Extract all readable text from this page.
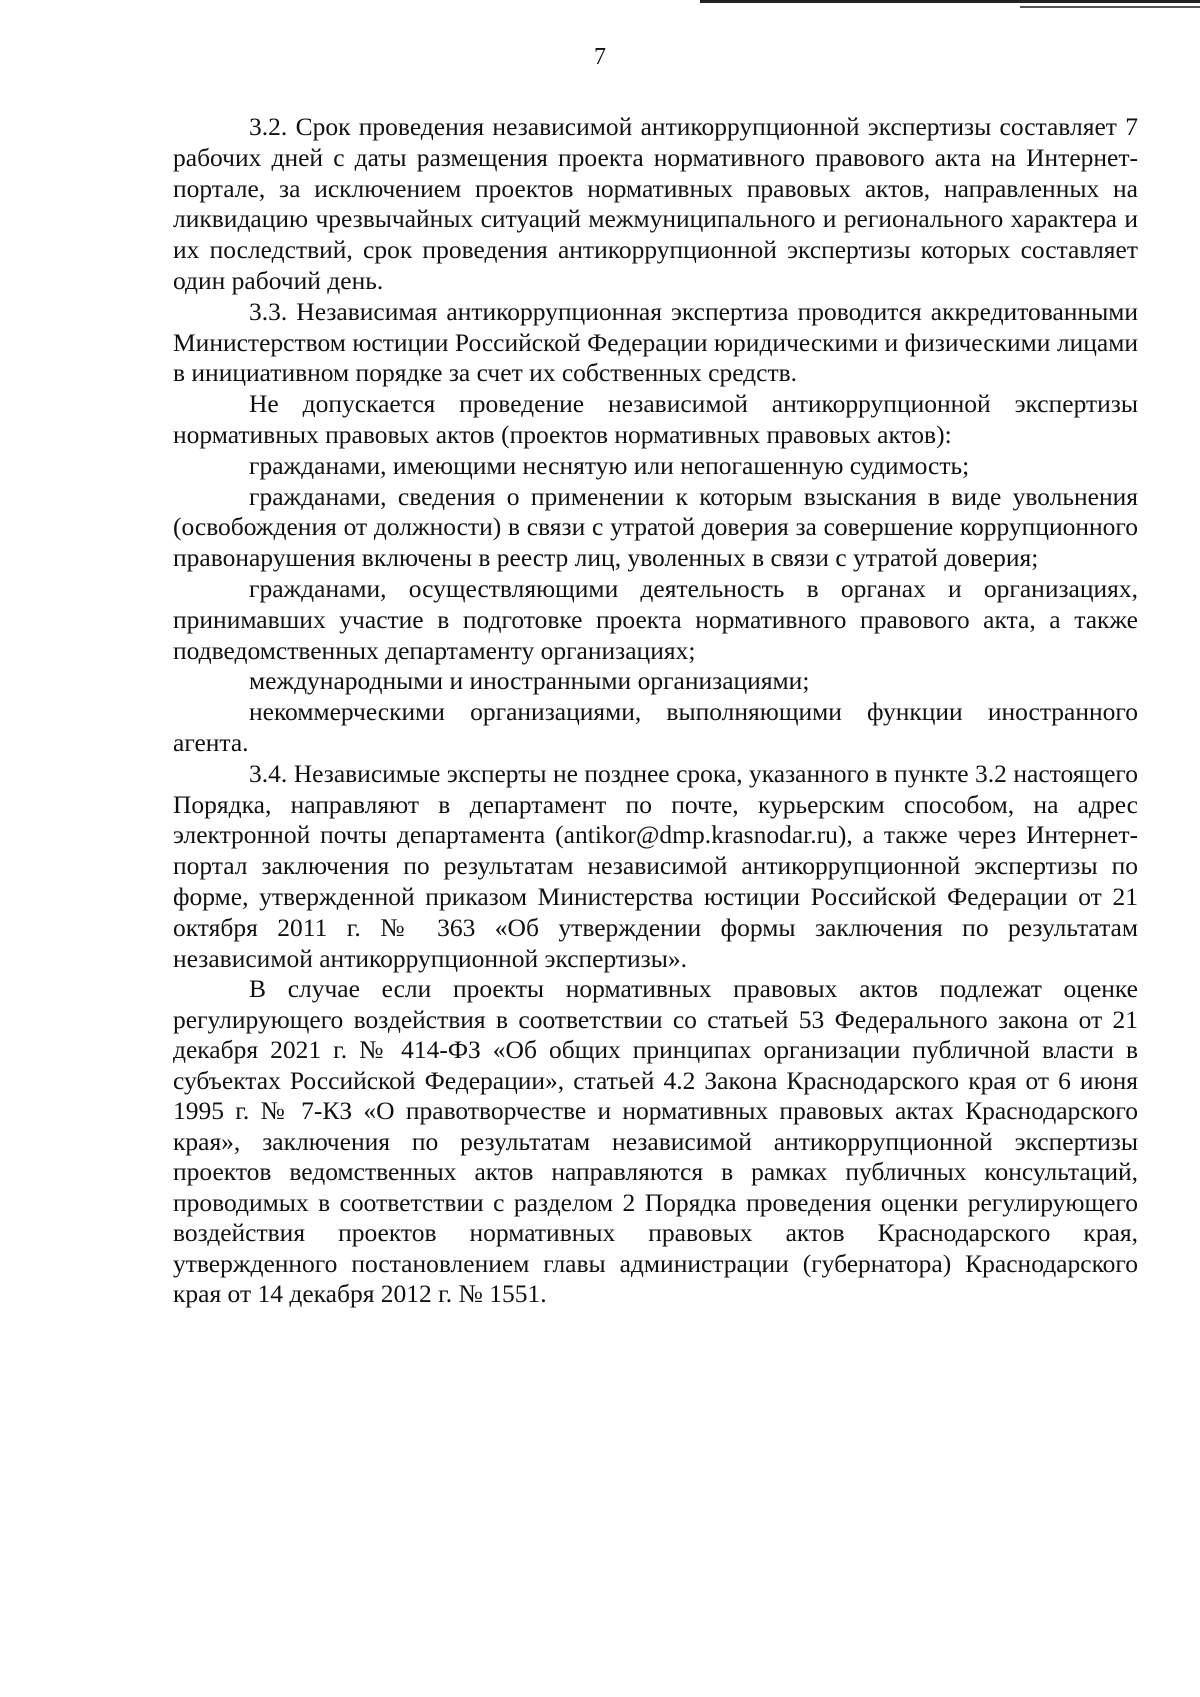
7

3.2. Срок проведения независимой антикоррупционной экспертизы составляет 7 рабочих дней с даты размещения проекта нормативного правового акта на Интернет-портале, за исключением проектов нормативных правовых актов, направленных на ликвидацию чрезвычайных ситуаций межмуниципального и регионального характера и их последствий, срок проведения антикоррупционной экспертизы которых составляет один рабочий день.

3.3. Независимая антикоррупционная экспертиза проводится аккредитованными Министерством юстиции Российской Федерации юридическими и физическими лицами в инициативном порядке за счет их собственных средств.

Не допускается проведение независимой антикоррупционной экспертизы нормативных правовых актов (проектов нормативных правовых актов):

гражданами, имеющими неснятую или непогашенную судимость;

гражданами, сведения о применении к которым взыскания в виде увольнения (освобождения от должности) в связи с утратой доверия за совершение коррупционного правонарушения включены в реестр лиц, уволенных в связи с утратой доверия;

гражданами, осуществляющими деятельность в органах и организациях, принимавших участие в подготовке проекта нормативного правового акта, а также подведомственных департаменту организациях;

международными и иностранными организациями;

некоммерческими организациями, выполняющими функции иностранного агента.

3.4. Независимые эксперты не позднее срока, указанного в пункте 3.2 настоящего Порядка, направляют в департамент по почте, курьерским способом, на адрес электронной почты департамента (antikor@dmp.krasnodar.ru), а также через Интернет-портал заключения по результатам независимой антикоррупционной экспертизы по форме, утвержденной приказом Министерства юстиции Российской Федерации от 21 октября 2011 г. № 363 «Об утверждении формы заключения по результатам независимой антикоррупционной экспертизы».

В случае если проекты нормативных правовых актов подлежат оценке регулирующего воздействия в соответствии со статьей 53 Федерального закона от 21 декабря 2021 г. № 414-ФЗ «Об общих принципах организации публичной власти в субъектах Российской Федерации», статьей 4.2 Закона Краснодарского края от 6 июня 1995 г. № 7-КЗ «О правотворчестве и нормативных правовых актах Краснодарского края», заключения по результатам независимой антикоррупционной экспертизы проектов ведомственных актов направляются в рамках публичных консультаций, проводимых в соответствии с разделом 2 Порядка проведения оценки регулирующего воздействия проектов нормативных правовых актов Краснодарского края, утвержденного постановлением главы администрации (губернатора) Краснодарского края от 14 декабря 2012 г. № 1551.
